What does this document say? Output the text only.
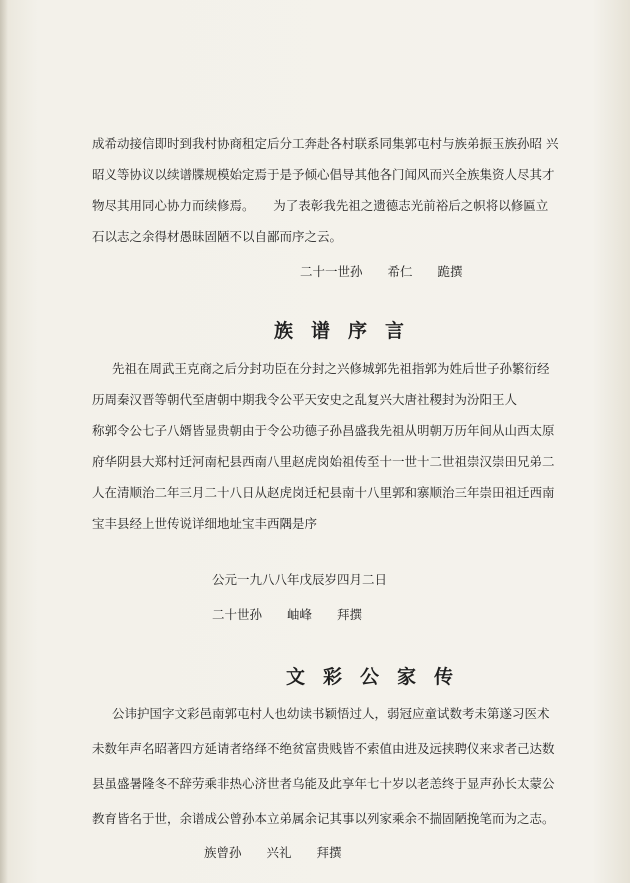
成希动接信即时到我村协商租定后分工奔赴各村联系同集郭屯村与族弟振玉族孙昭 兴
昭义等协议以续谱牒规模始定焉于是予倾心倡导其他各门闻风而兴全族集资人尽其才
物尽其用同心协力而续修焉。　　为了表彰我先祖之遗德志光前裕后之帜将以修匾立
石以志之余得材愚昧固陋不以自鄙而序之云。
二十一世孙　　希仁　　跪撰
族谱序言
先祖在周武王克商之后分封功臣在分封之兴修城郭先祖指郭为姓后世子孙繁衍经
历周秦汉晋等朝代至唐朝中期我令公平天安史之乱复兴大唐社稷封为汾阳王人
称郭令公七子八婿皆显贵朝由于令公功德子孙昌盛我先祖从明朝万历年间从山西太原
府华阴县大郑村迁河南杞县西南八里赵虎岗始祖传至十一世十二世祖崇汉崇田兄弟二
人在清顺治二年三月二十八日从赵虎岗迁杞县南十八里郭和寨顺治三年崇田祖迁西南
宝丰县经上世传说详细地址宝丰西隅是序
公元一九八八年戊辰岁四月二日
二十世孙　　岫峰　　拜撰
文彩公家传
公讳护国字文彩邑南郭屯村人也幼读书颖悟过人，弱冠应童试数考未第遂习医术
未数年声名昭著四方延请者络绎不绝贫富贵贱皆不索值由进及远挟聘仪来求者己达数
县虽盛暑隆冬不辞劳乘非热心济世者乌能及此享年七十岁以老恙终于显声孙长太蒙公
教育皆名于世，余谱成公曾孙本立弟属余记其事以列家乘余不揣固陋挽笔而为之志。
族曾孙　　兴礼　　拜撰
